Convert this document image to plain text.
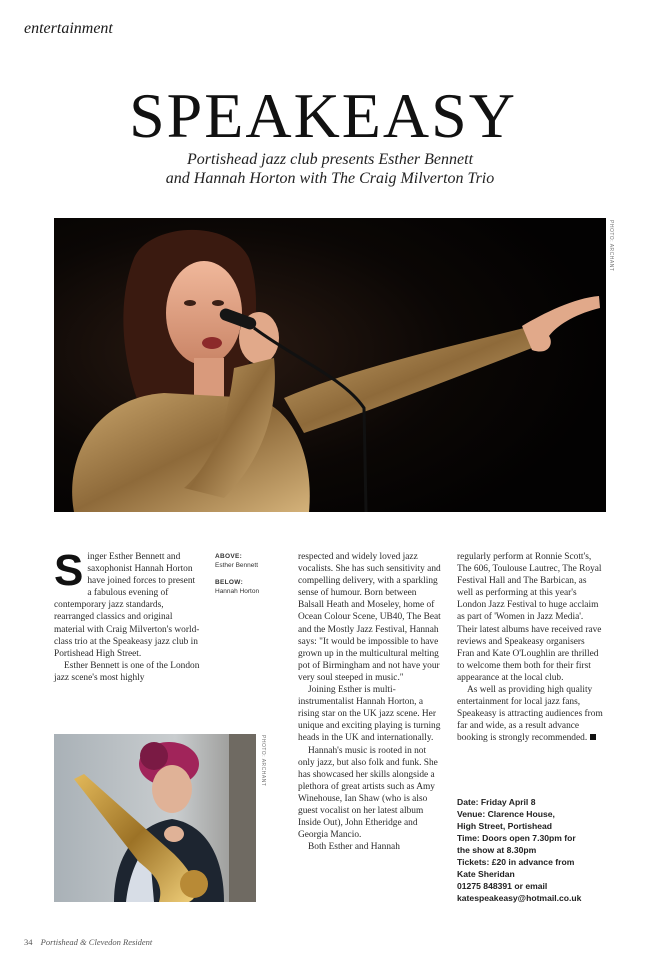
entertainment
SPEAKEASY
Portishead jazz club presents Esther Bennett
and Hannah Horton with The Craig Milverton Trio
PHOTO: ARCHANT
PHOTO: ARCHANT

Singer Esther Bennett and saxophonist Hannah Horton have joined forces to present a fabulous evening of contemporary jazz standards, rearranged classics and original material with Craig Milverton's world-class trio at the Speakeasy jazz club in Portishead High Street.

Esther Bennett is one of the London jazz scene's most highly

ABOVE:
Esther Bennett
BELOW:
Hannah Horton

respected and widely loved jazz vocalists. She has such sensitivity and compelling delivery, with a sparkling sense of humour. Born between Balsall Heath and Moseley, home of Ocean Colour Scene, UB40, The Beat and the Mostly Jazz Festival, Hannah says: "It would be impossible to have grown up in the multicultural melting pot of Birmingham and not have your very soul steeped in music."

Joining Esther is multi-instrumentalist Hannah Horton, a rising star on the UK jazz scene. Her unique and exciting playing is turning heads in the UK and internationally.

Hannah's music is rooted in not only jazz, but also folk and funk. She has showcased her skills alongside a plethora of great artists such as Amy Winehouse, Ian Shaw (who is also guest vocalist on her latest album Inside Out), John Etheridge and Georgia Mancio.

Both Esther and Hannah

regularly perform at Ronnie Scott's, The 606, Toulouse Lautrec, The Royal Festival Hall and The Barbican, as well as performing at this year's London Jazz Festival to huge acclaim as part of 'Women in Jazz Media'. Their latest albums have received rave reviews and Speakeasy organisers Fran and Kate O'Loughlin are thrilled to welcome them both for their first appearance at the local club.

As well as providing high quality entertainment for local jazz fans, Speakeasy is attracting audiences from far and wide, as a result advance booking is strongly recommended.

Date: Friday April 8

Venue: Clarence House,

High Street, Portishead

Time: Doors open 7.30pm for

the show at 8.30pm

Tickets: £20 in advance from

Kate Sheridan

01275 848391 or email

katespeakeasy@hotmail.co.uk

34 Portishead & Clevedon Resident
